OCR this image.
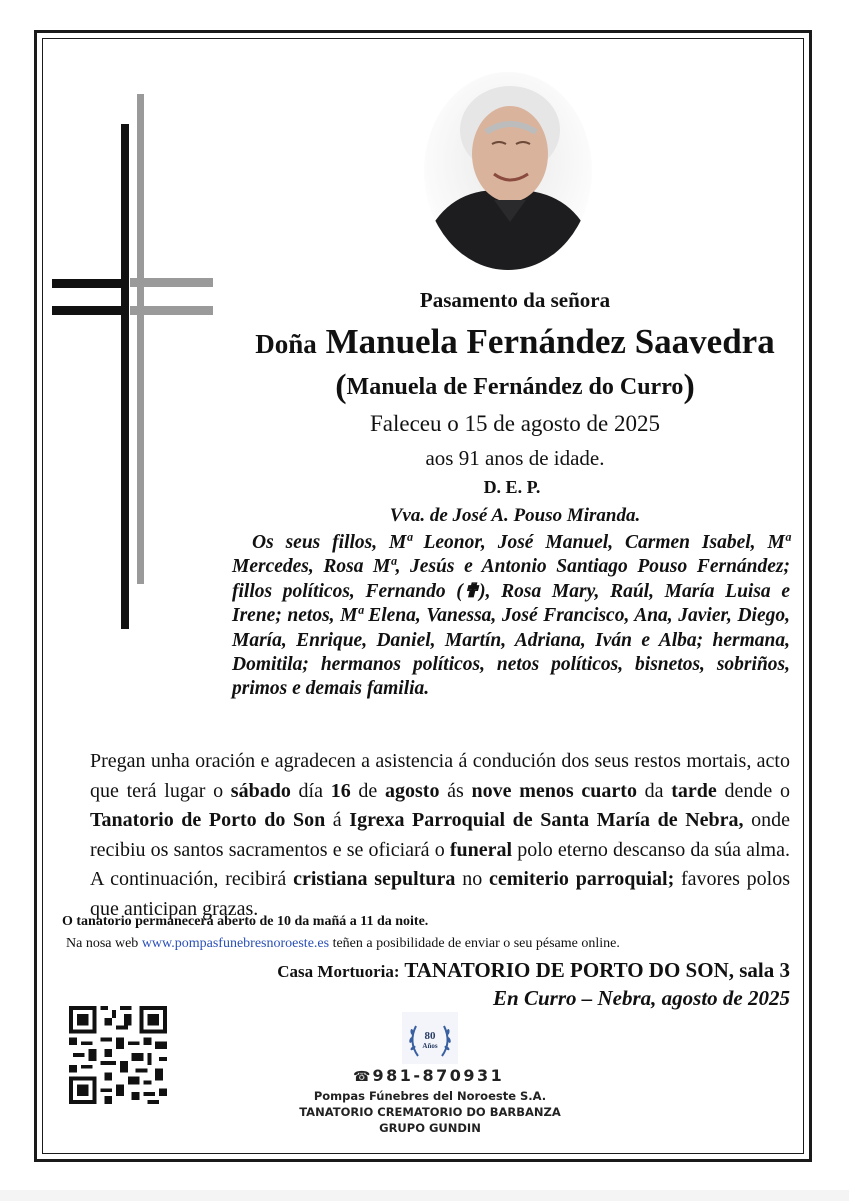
Pasamento da señora
Doña Manuela Fernández Saavedra
(Manuela de Fernández do Curro)
Faleceu o 15 de agosto de 2025
aos 91 anos de idade.
D. E. P.
Vva. de José A. Pouso Miranda.
Os seus fillos, Mª Leonor, José Manuel, Carmen Isabel, Mª Mercedes, Rosa Mª, Jesús e Antonio Santiago Pouso Fernández; fillos políticos, Fernando (✟), Rosa Mary, Raúl, María Luisa e Irene; netos, Mª Elena, Vanessa, José Francisco, Ana, Javier, Diego, María, Enrique, Daniel, Martín, Adriana, Iván e Alba; hermana, Domitila; hermanos políticos, netos políticos, bisnetos, sobriños, primos e demais familia.
Pregan unha oración e agradecen a asistencia á condución dos seus restos mortais, acto que terá lugar o sábado día 16 de agosto ás nove menos cuarto da tarde dende o Tanatorio de Porto do Son á Igrexa Parroquial de Santa María de Nebra, onde recibiu os santos sacramentos e se oficiará o funeral polo eterno descanso da súa alma. A continuación, recibirá cristiana sepultura no cemiterio parroquial; favores polos que anticipan grazas.
O tanatorio permanecerá aberto de 10 da mañá a 11 da noite.
Na nosa web www.pompasfunebresnoroeste.es teñen a posibilidade de enviar o seu pésame online.
Casa Mortuoria: TANATORIO DE PORTO DO SON, sala 3
En Curro – Nebra, agosto de 2025
80
Años
☎ 981-870931
Pompas Fúnebres del Noroeste S.A.
TANATORIO CREMATORIO DO BARBANZA
GRUPO GUNDIN
